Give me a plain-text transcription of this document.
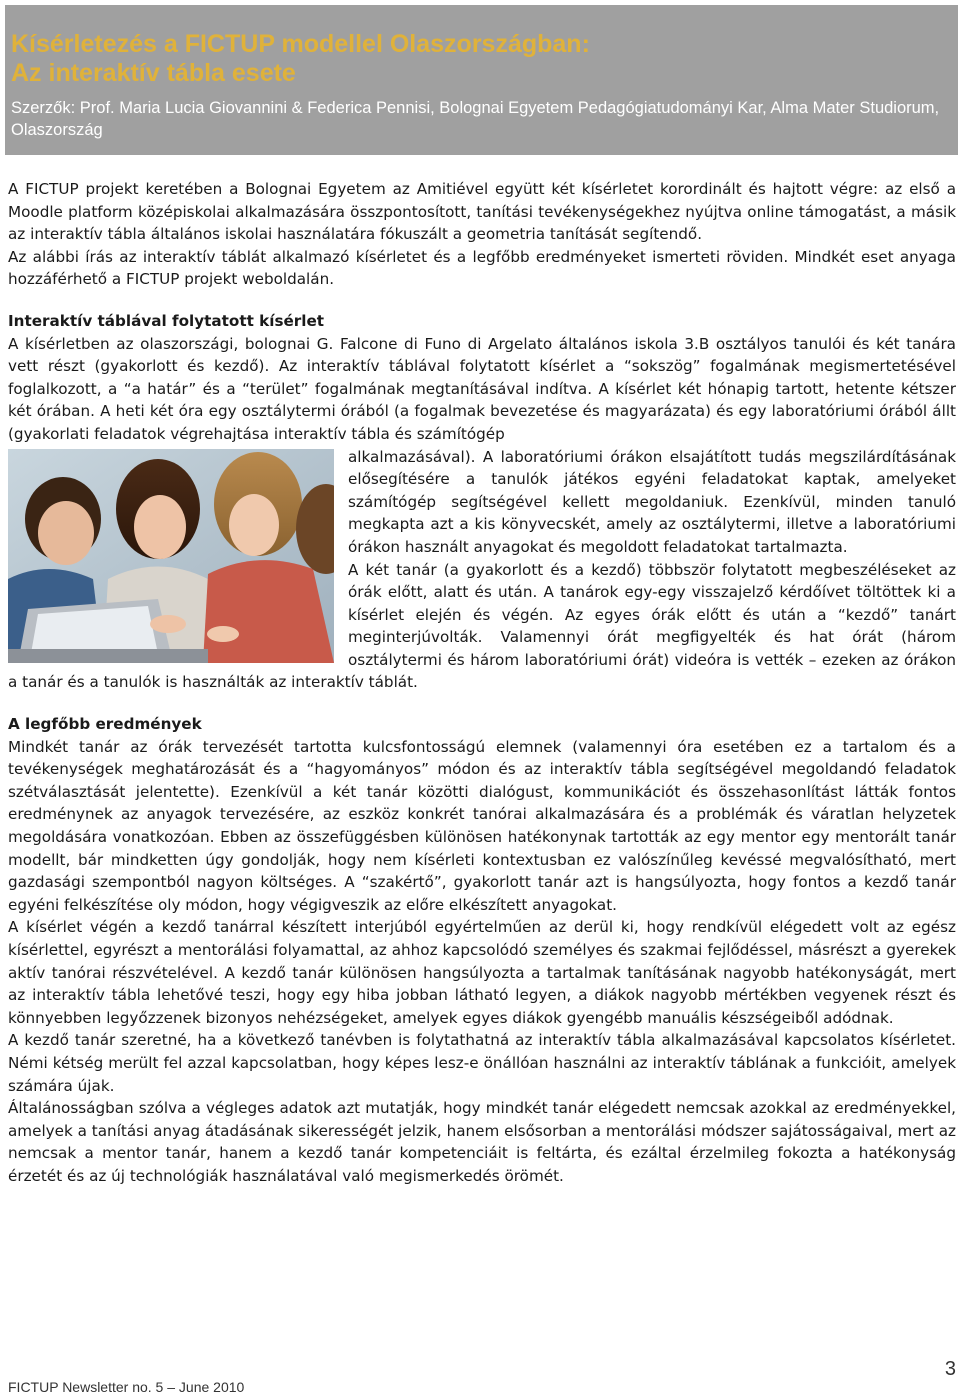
Kísérletezés a FICTUP modellel Olaszországban:
Az interaktív tábla esete
Szerzők: Prof. Maria Lucia Giovannini & Federica Pennisi, Bolognai Egyetem Pedagógiatudományi Kar, Alma Mater Studiorum, Olaszország

A FICTUP projekt keretében a Bolognai Egyetem az Amitiével együtt két kísérletet korordinált és hajtott végre: az első a Moodle platform középiskolai alkalmazására összpontosított, tanítási tevékenységekhez nyújtva online támogatást, a másik az interaktív tábla általános iskolai használatára fókuszált a geometria tanítását segítendő.

Az alábbi írás az interaktív táblát alkalmazó kísérletet és a legfőbb eredményeket ismerteti röviden. Mindkét eset anyaga hozzáférhető a FICTUP projekt weboldalán.

Interaktív táblával folytatott kísérlet

A kísérletben az olaszországi, bolognai G. Falcone di Funo di Argelato általános iskola 3.B osztályos tanulói és két tanára vett részt (gyakorlott és kezdő). Az interaktív táblával folytatott kísérlet a “sokszög” fogalmának megismertetésével foglalkozott, a “a határ” és a “terület” fogalmának megtanításával indítva. A kísérlet két hónapig tartott, hetente kétszer két órában. A heti két óra egy osztálytermi órából (a fogalmak bevezetése és magyarázata) és egy laboratóriumi órából állt (gyakorlati feladatok végrehajtása interaktív tábla és számítógép

alkalmazásával). A laboratóriumi órákon elsajátított tudás megszilárdításának elősegítésére a tanulók játékos egyéni feladatokat kaptak, amelyeket számítógép segítségével kellett megoldaniuk. Ezenkívül, minden tanuló megkapta azt a kis könyvecskét, amely az osztálytermi, illetve a laboratóriumi órákon használt anyagokat és megoldott feladatokat tartalmazta.

A két tanár (a gyakorlott és a kezdő) többször folytatott megbeszéléseket az órák előtt, alatt és után. A tanárok egy-egy visszajelző kérdőívet töltöttek ki a kísérlet elején és végén. Az egyes órák előtt és után a “kezdő” tanárt meginterjúvolták. Valamennyi órát megfigyelték és hat órát (három osztálytermi és három laboratóriumi órát) videóra is vették – ezeken az órákon a tanár és a tanulók is használták az interaktív táblát.

A legfőbb eredmények

Mindkét tanár az órák tervezését tartotta kulcsfontosságú elemnek (valamennyi óra esetében ez a tartalom és a tevékenységek meghatározását és a “hagyományos” módon és az interaktív tábla segítségével megoldandó feladatok szétválasztását jelentette). Ezenkívül a két tanár közötti dialógust, kommunikációt és összehasonlítást látták fontos eredménynek az anyagok tervezésére, az eszköz konkrét tanórai alkalmazására és a problémák és váratlan helyzetek megoldására vonatkozóan. Ebben az összefüggésben különösen hatékonynak tartották az egy mentor egy mentorált tanár modellt, bár mindketten úgy gondolják, hogy nem kísérleti kontextusban ez valószínűleg kevéssé megvalósítható, mert gazdasági szempontból nagyon költséges. A “szakértő”, gyakorlott tanár azt is hangsúlyozta, hogy fontos a kezdő tanár egyéni felkészítése oly módon, hogy végigveszik az előre elkészített anyagokat.

A kísérlet végén a kezdő tanárral készített interjúból egyértelműen az derül ki, hogy rendkívül elégedett volt az egész kísérlettel, egyrészt a mentorálási folyamattal, az ahhoz kapcsolódó személyes és szakmai fejlődéssel, másrészt a gyerekek aktív tanórai részvételével. A kezdő tanár különösen hangsúlyozta a tartalmak tanításának nagyobb hatékonyságát, mert az interaktív tábla lehetővé teszi, hogy egy hiba jobban látható legyen, a diákok nagyobb mértékben vegyenek részt és könnyebben legyőzzenek bizonyos nehézségeket, amelyek egyes diákok gyengébb manuális készségeiből adódnak.

A kezdő tanár szeretné, ha a következő tanévben is folytathatná az interaktív tábla alkalmazásával kapcsolatos kísérletet. Némi kétség merült fel azzal kapcsolatban, hogy képes lesz-e önállóan használni az interaktív táblának a funkcióit, amelyek számára újak.

Általánosságban szólva a végleges adatok azt mutatják, hogy mindkét tanár elégedett nemcsak azokkal az eredményekkel, amelyek a tanítási anyag átadásának sikerességét jelzik, hanem elsősorban a mentorálási módszer sajátosságaival, mert az nemcsak a mentor tanár, hanem a kezdő tanár kompetenciáit is feltárta, és ezáltal érzelmileg fokozta a hatékonyság érzetét és az új technológiák használatával való megismerkedés örömét.

FICTUP Newsletter no. 5 – June 2010
3
